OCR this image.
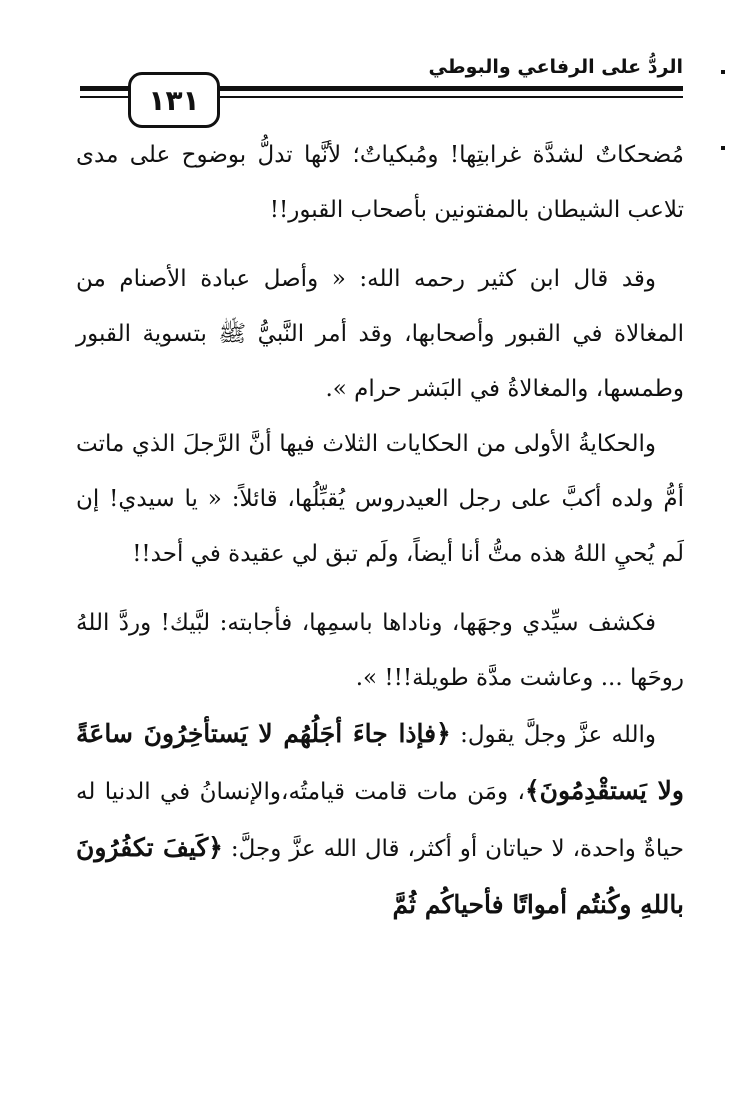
الردُّ على الرفاعي والبوطي
١٣١

مُضحكاتٌ لشدَّة غرابتِها! ومُبكياتٌ؛ لأنَّها تدلُّ بوضوح على مدى تلاعب الشيطان بالمفتونين بأصحاب القبور!!

وقد قال ابن كثير رحمه الله: « وأصل عبادة الأصنام من المغالاة في القبور وأصحابها، وقد أمر النَّبيُّ ﷺ بتسوية القبور وطمسها، والمغالاةُ في البَشر حرام ».

والحكايةُ الأولى من الحكايات الثلاث فيها أنَّ الرَّجلَ الذي ماتت أمُّ ولده أكبَّ على رجل العيدروس يُقبِّلُها، قائلاً: « يا سيدي! إن لَم يُحيِ اللهُ هذه متُّ أنا أيضاً، ولَم تبق لي عقيدة في أحد!!

فكشف سيِّدي وجهَها، وناداها باسمِها، فأجابته: لبَّيك! وردَّ اللهُ روحَها ... وعاشت مدَّة طويلة!!! ».

والله عزَّ وجلَّ يقول: ﴿فإذا جاءَ أجَلُهُم لا يَستأخِرُونَ ساعَةً ولا يَستقْدِمُونَ﴾، ومَن مات قامت قيامتُه،والإنسانُ في الدنيا له حياةٌ واحدة، لا حياتان أو أكثر، قال الله عزَّ وجلَّ: ﴿كَيفَ تكفُرُونَ باللهِ وكُنتُم أمواتًا فأحياكُم ثُمَّ
